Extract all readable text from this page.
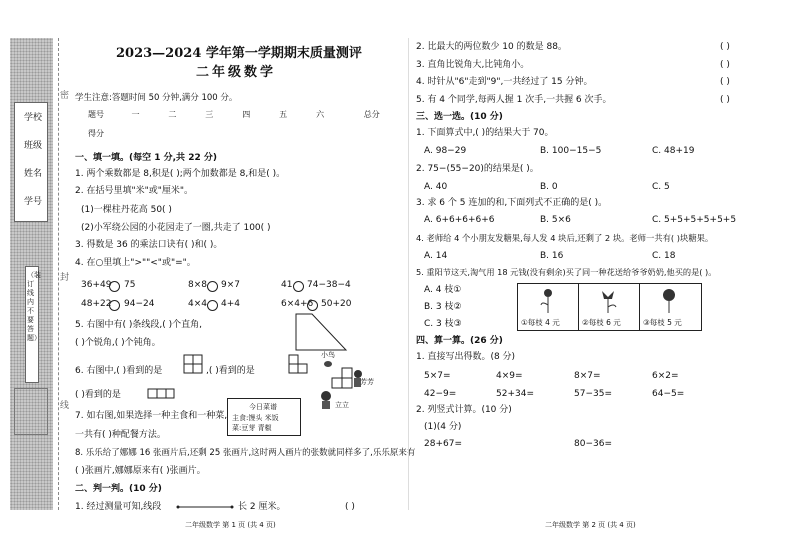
学校
班级
姓名
学号
（装订线内不要答题）
密
封
线
2023—2024 学年第一学期期末质量测评
二年级数学
学生注意:答题时间 50 分钟,满分 100 分。
题号	一	二	三	四	五	六	总分
得分							
一、填一填。(每空 1 分,共 22 分)
1. 两个乘数都是 8,积是( );两个加数都是 8,和是( )。
2. 在括号里填"米"或"厘米"。
(1)一棵柱丹花高 50( )
(2)小军绕公园的小花园走了一圈,共走了 100( )
3. 得数是 36 的乘法口诀有( )和( )。
4. 在○里填上">""<"或"="。
36+49 75	8×8 9×7	41 74−38−4
48+22 94−24	4×4 4+4	6×4+6 50+20
5. 右图中有( )条线段,( )个直角,
( )个锐角,( )个钝角。
6. 右图中,( )看到的是	,( )看到的是
小鸟
芳芳
立立
( )看到的是
7. 如右图,如果选择一种主食和一种菜,
一共有( )种配餐方法。
今日菜谱
主食:馒头 米饭
菜:豆芽 青椒
8. 乐乐给了娜娜 16 张画片后,还剩 25 张画片,这时两人画片的张数就同样多了,乐乐原来有
( )张画片,娜娜原来有( )张画片。
二、判一判。(10 分)
1. 经过测量可知,线段	长 2 厘米。	( )
二年级数学 第 1 页 (共 4 页)
2. 比最大的两位数少 10 的数是 88。	( )
3. 直角比锐角大,比钝角小。	( )
4. 时针从"6"走到"9",一共经过了 15 分钟。	( )
5. 有 4 个同学,每两人握 1 次手,一共握 6 次手。	( )
三、选一选。(10 分)
1. 下面算式中,( )的结果大于 70。
A. 98−29	B. 100−15−5	C. 48+19
2. 75−(55−20)的结果是( )。
A. 40	B. 0	C. 5
3. 求 6 个 5 连加的和,下面列式不正确的是( )。
A. 6+6+6+6+6	B. 5×6	C. 5+5+5+5+5+5
4. 老师给 4 个小朋友发糖果,每人发 4 块后,还剩了 2 块。老师一共有( )块糖果。
A. 14	B. 16	C. 18
5. 重阳节这天,淘气用 18 元钱(没有剩余)买了同一种花送给爷爷奶奶,他买的是( )。
A. 4 枝①
B. 3 枝②
C. 3 枝③	①每枝 4 元	②每枝 6 元	③每枝 5 元
四、算一算。(26 分)
1. 直接写出得数。(8 分)
5×7=	4×9=	8×7=	6×2=
42−9=	52+34=	57−35=	64−5=
2. 列竖式计算。(10 分)
(1)(4 分)
28+67=	80−36=
二年级数学 第 2 页 (共 4 页)
